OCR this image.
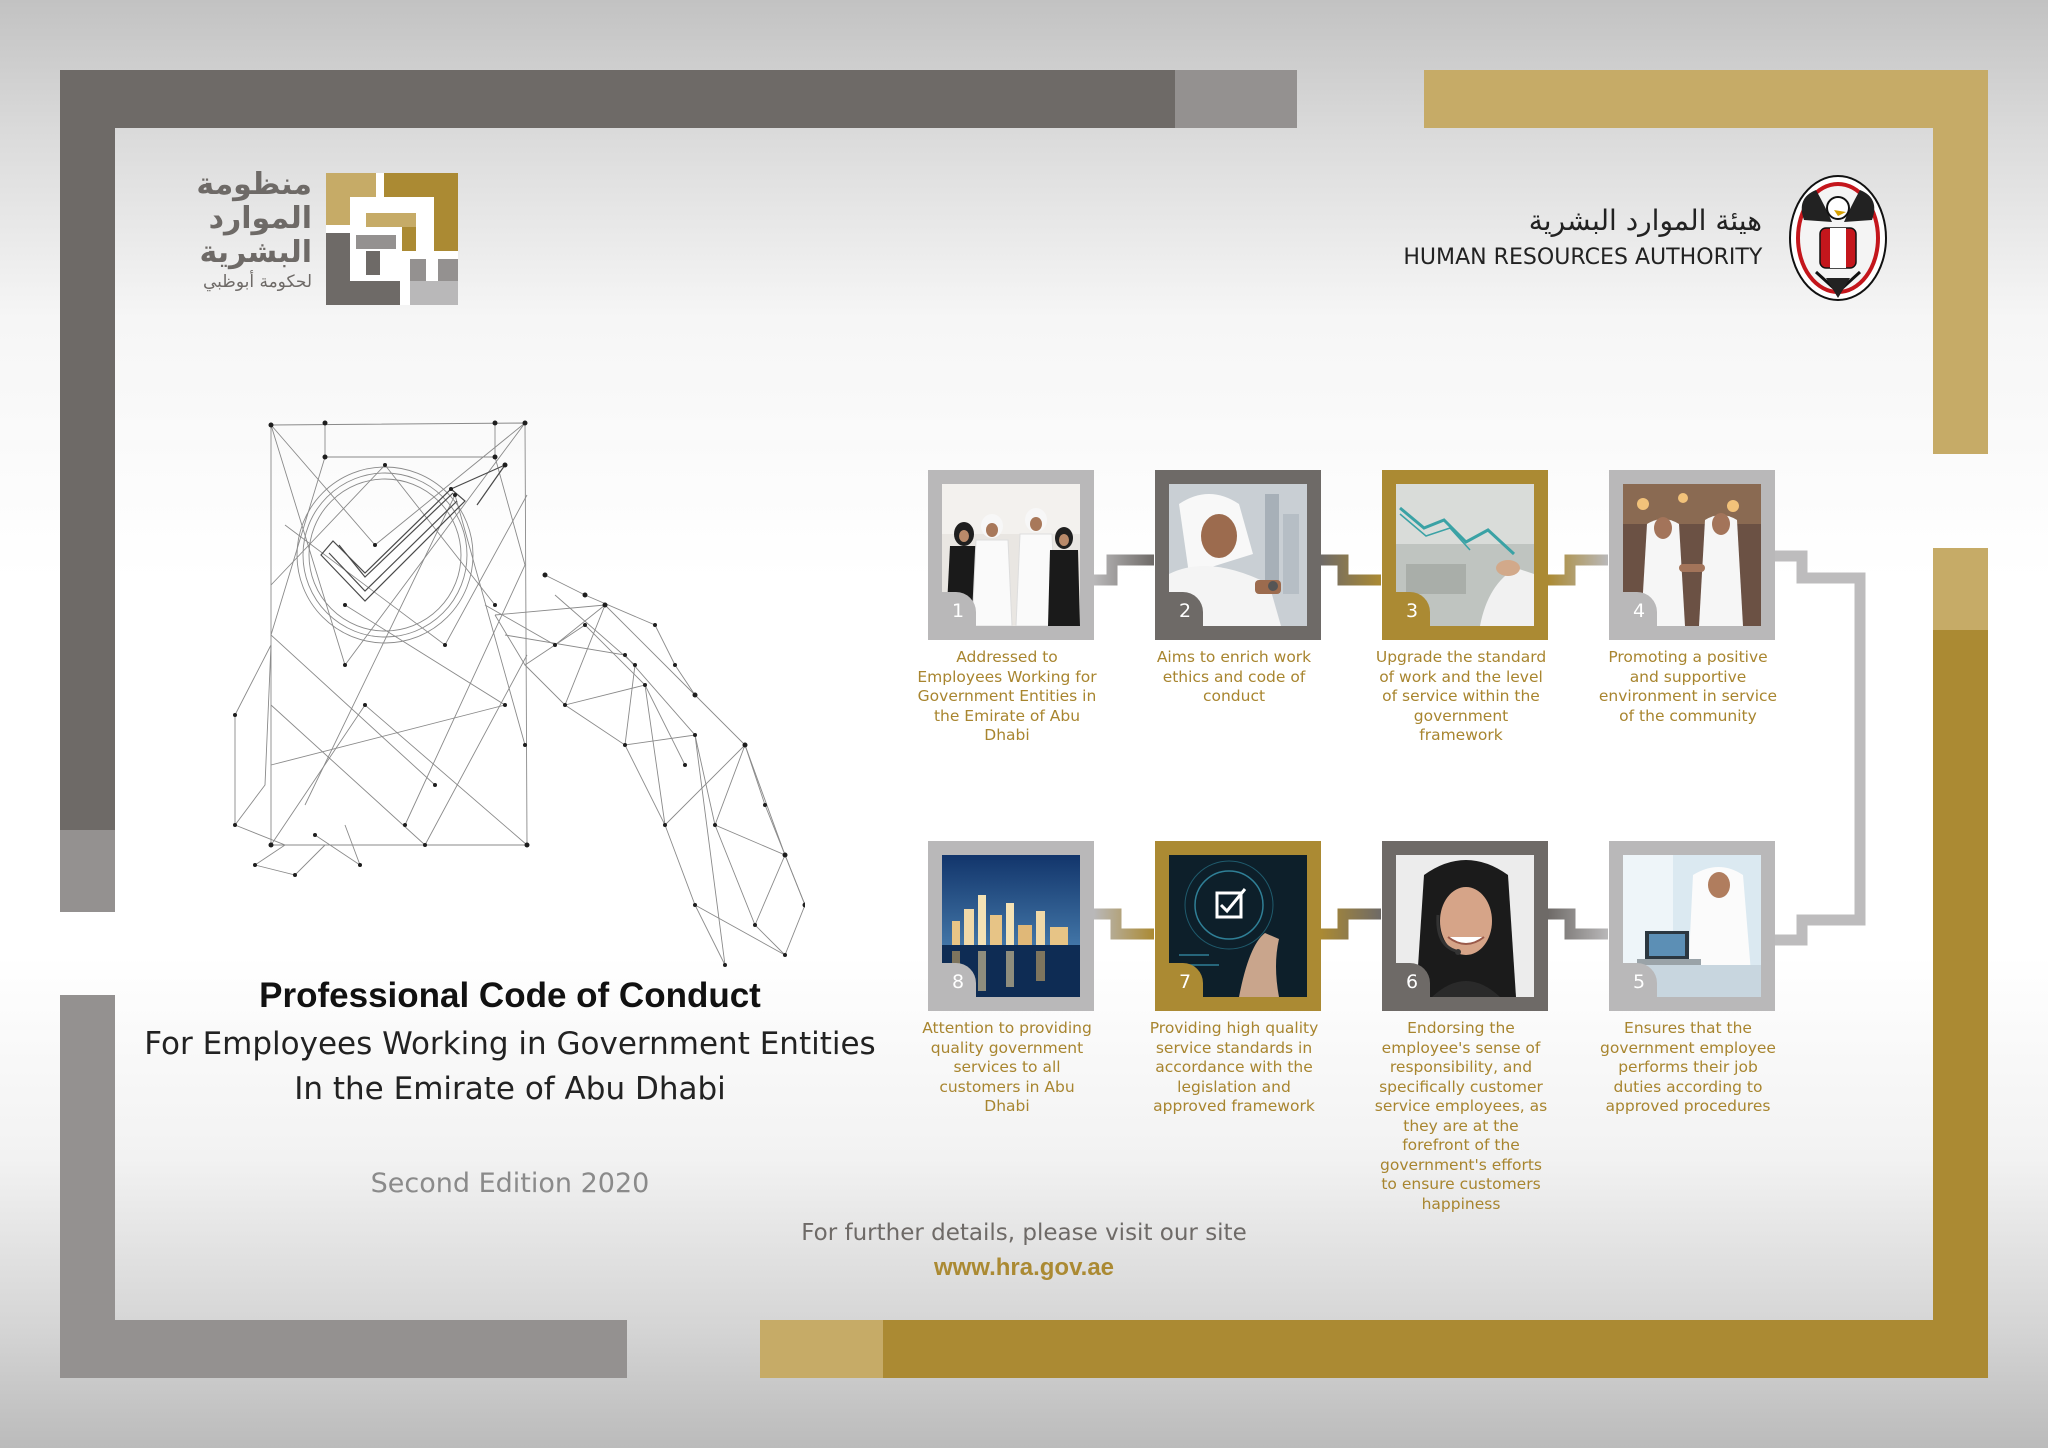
منظومة
الموارد
البشرية
لحكومة أبوظبي
هيئة الموارد البشرية
HUMAN RESOURCES AUTHORITY
Professional Code of Conduct
For Employees Working in Government Entities
In the Emirate of Abu Dhabi
Second Edition 2020
For further details, please visit our site
www.hra.gov.ae
1
Addressed to Employees Working for Government Entities in the Emirate of Abu Dhabi
2
Aims to enrich work ethics and code of conduct
3
Upgrade the standard of work and the level of service within the government framework
4
Promoting a positive and supportive environment in service of the community
5
Ensures that the government employee performs their job duties according to approved procedures
6
Endorsing the employee's sense of responsibility, and specifically customer service employees, as they are at the forefront of the government's efforts to ensure customers happiness
7
Providing high quality service standards in accordance with the legislation and approved framework
8
Attention to providing quality government services to all customers in Abu Dhabi
